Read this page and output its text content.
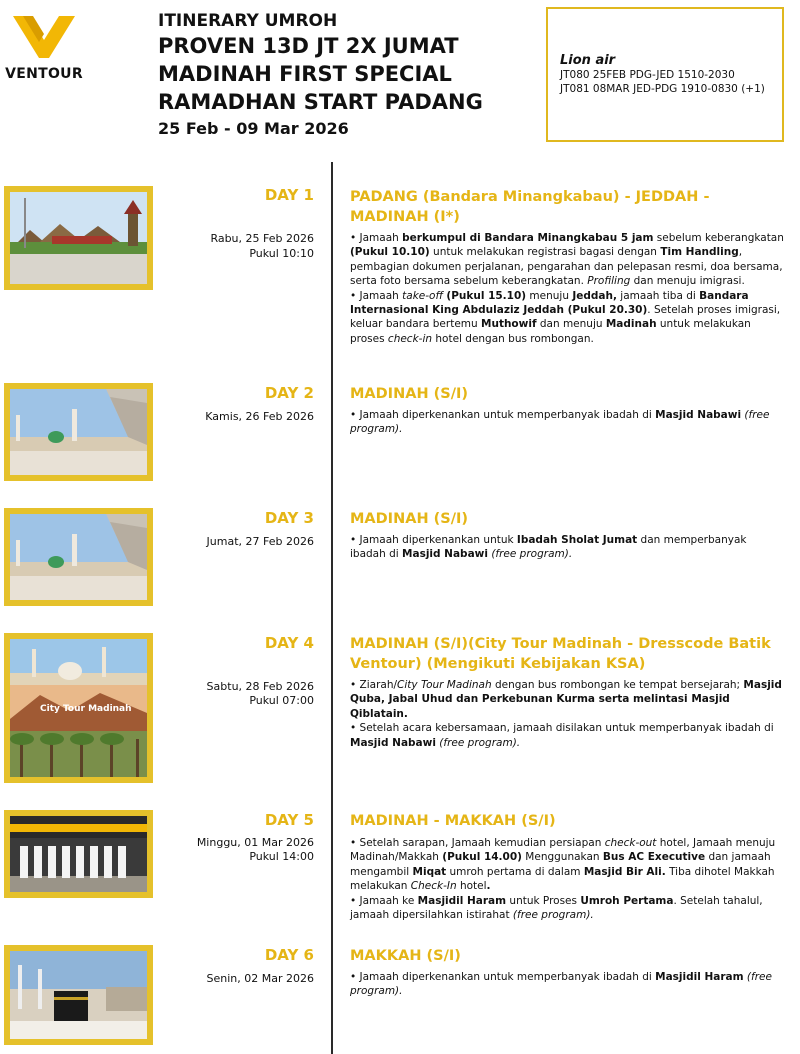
VENTOUR
ITINERARY UMROH
PROVEN 13D JT 2X JUMAT
MADINAH FIRST SPECIAL
RAMADHAN START PADANG
25 Feb - 09 Mar 2026
Lion air
JT080 25FEB PDG-JED 1510-2030
JT081 08MAR JED-PDG 1910-0830 (+1)
DAY 1
Rabu, 25 Feb 2026
Pukul 10:10
PADANG (Bandara Minangkabau) - JEDDAH - MADINAH (I*)
• Jamaah berkumpul di Bandara Minangkabau 5 jam sebelum keberangkatan (Pukul 10.10) untuk melakukan registrasi bagasi dengan Tim Handling, pembagian dokumen perjalanan, pengarahan dan pelepasan resmi, doa bersama, serta foto bersama sebelum keberangkatan. Profiling dan menuju imigrasi.
• Jamaah take-off (Pukul 15.10) menuju Jeddah, jamaah tiba di Bandara Internasional King Abdulaziz Jeddah (Pukul 20.30). Setelah proses imigrasi, keluar bandara bertemu Muthowif dan menuju Madinah untuk melakukan proses check-in hotel dengan bus rombongan.
DAY 2
Kamis, 26 Feb 2026
MADINAH (S/I)
• Jamaah diperkenankan untuk memperbanyak ibadah di Masjid Nabawi (free program).
DAY 3
Jumat, 27 Feb 2026
MADINAH (S/I)
• Jamaah diperkenankan untuk Ibadah Sholat Jumat dan memperbanyak ibadah di Masjid Nabawi (free program).
City Tour Madinah
DAY 4
Sabtu, 28 Feb 2026
Pukul 07:00
MADINAH (S/I)(City Tour Madinah - Dresscode Batik Ventour) (Mengikuti Kebijakan KSA)
• Ziarah/City Tour Madinah dengan bus rombongan ke tempat bersejarah; Masjid Quba, Jabal Uhud dan Perkebunan Kurma serta melintasi Masjid Qiblatain.
• Setelah acara kebersamaan, jamaah disilakan untuk memperbanyak ibadah di Masjid Nabawi (free program).
DAY 5
Minggu, 01 Mar 2026
Pukul 14:00
MADINAH - MAKKAH (S/I)
• Setelah sarapan, Jamaah kemudian persiapan check-out hotel, Jamaah menuju Madinah/Makkah (Pukul 14.00) Menggunakan Bus AC Executive dan jamaah mengambil Miqat umroh pertama di dalam Masjid Bir Ali. Tiba dihotel Makkah melakukan Check-In hotel.
• Jamaah ke Masjidil Haram untuk Proses Umroh Pertama. Setelah tahalul, jamaah dipersilahkan istirahat (free program).
DAY 6
Senin, 02 Mar 2026
MAKKAH (S/I)
• Jamaah diperkenankan untuk memperbanyak ibadah di Masjidil Haram (free program).
